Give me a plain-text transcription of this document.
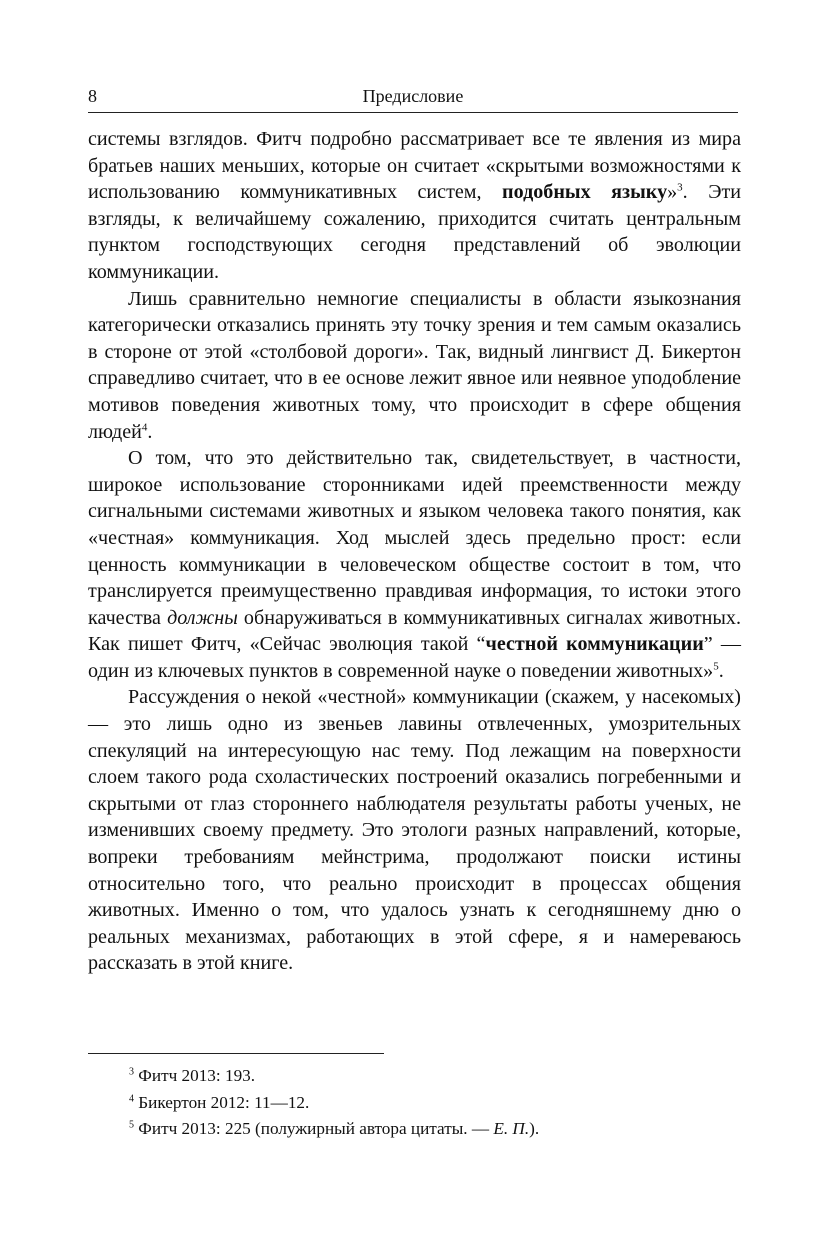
8	Предисловие

системы взглядов. Фитч подробно рассматривает все те явления из мира братьев наших меньших, которые он считает «скрытыми возможностями к использованию коммуникативных систем, подобных языку»$^3$. Эти взгляды, к величайшему сожалению, приходится считать центральным пунктом господствующих сегодня представлений об эволюции коммуникации.

Лишь сравнительно немногие специалисты в области языкознания категорически отказались принять эту точку зрения и тем самым оказались в стороне от этой «столбовой дороги». Так, видный лингвист Д. Бикертон справедливо считает, что в ее основе лежит явное или неявное уподобление мотивов поведения животных тому, что происходит в сфере общения людей$^4$.

О том, что это действительно так, свидетельствует, в частности, широкое использование сторонниками идей преемственности между сигнальными системами животных и языком человека такого понятия, как «честная» коммуникация. Ход мыслей здесь предельно прост: если ценность коммуникации в человеческом обществе состоит в том, что транслируется преимущественно правдивая информация, то истоки этого качества должны обнаруживаться в коммуникативных сигналах животных. Как пишет Фитч, «Сейчас эволюция такой “честной коммуникации” — один из ключевых пунктов в современной науке о поведении животных»$^5$.

Рассуждения о некой «честной» коммуникации (скажем, у насекомых) — это лишь одно из звеньев лавины отвлеченных, умозрительных спекуляций на интересующую нас тему. Под лежащим на поверхности слоем такого рода схоластических построений оказались погребенными и скрытыми от глаз стороннего наблюдателя результаты работы ученых, не изменивших своему предмету. Это этологи разных направлений, которые, вопреки требованиям мейнстрима, продолжают поиски истины относительно того, что реально происходит в процессах общения животных. Именно о том, что удалось узнать к сегодняшнему дню о реальных механизмах, работающих в этой сфере, я и намереваюсь рассказать в этой книге.

$^3$ Фитч 2013: 193.
$^4$ Бикертон 2012: 11—12.
$^5$ Фитч 2013: 225 (полужирный автора цитаты. — Е. П.).
